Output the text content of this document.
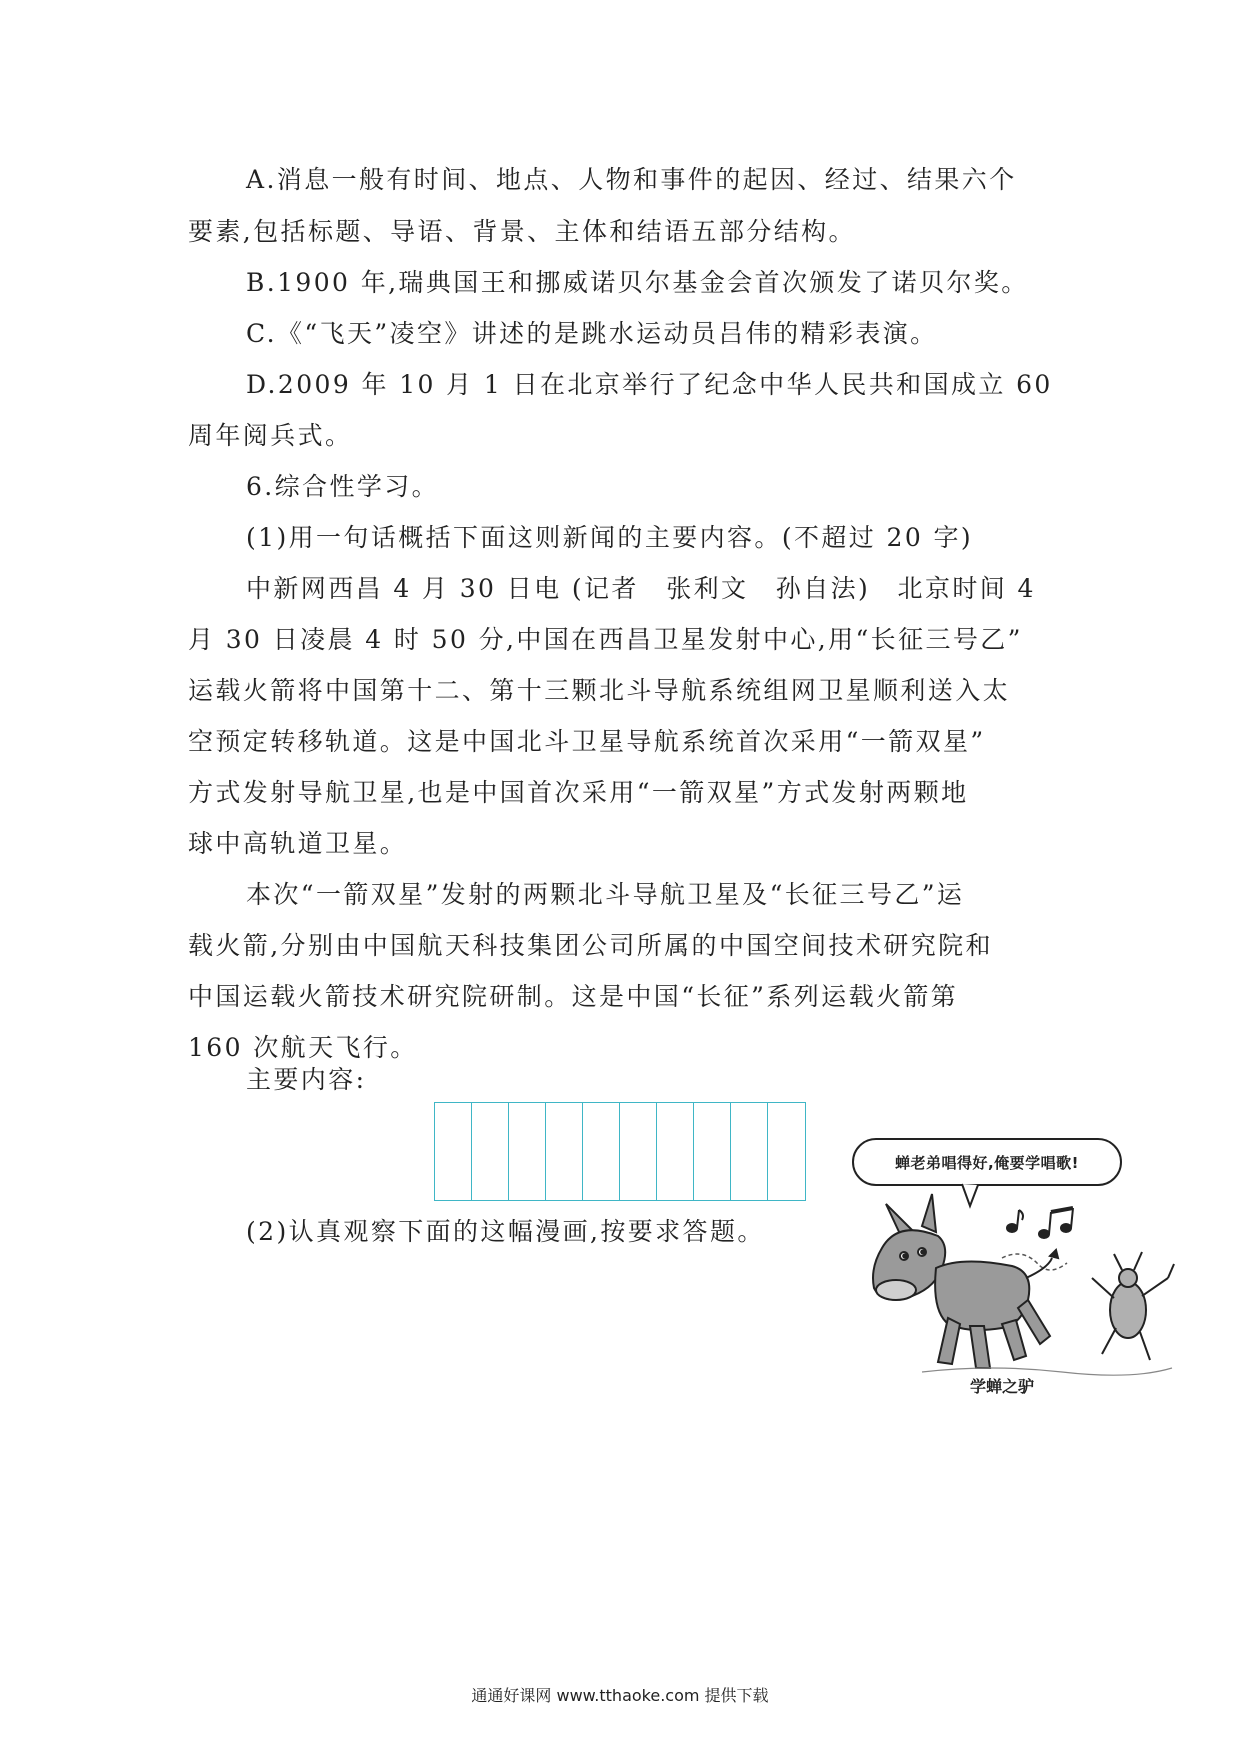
A.消息一般有时间、地点、人物和事件的起因、经过、结果六个
要素,包括标题、导语、背景、主体和结语五部分结构。
B.1900 年,瑞典国王和挪威诺贝尔基金会首次颁发了诺贝尔奖。
C.《“飞天”凌空》讲述的是跳水运动员吕伟的精彩表演。
D.2009 年 10 月 1 日在北京举行了纪念中华人民共和国成立 60
周年阅兵式。
6.综合性学习。
(1)用一句话概括下面这则新闻的主要内容。(不超过 20 字)
中新网西昌 4 月 30 日电 (记者　张利文　孙自法)　北京时间 4
月 30 日凌晨 4 时 50 分,中国在西昌卫星发射中心,用“长征三号乙”
运载火箭将中国第十二、第十三颗北斗导航系统组网卫星顺利送入太
空预定转移轨道。这是中国北斗卫星导航系统首次采用“一箭双星”
方式发射导航卫星,也是中国首次采用“一箭双星”方式发射两颗地
球中高轨道卫星。
本次“一箭双星”发射的两颗北斗导航卫星及“长征三号乙”运
载火箭,分别由中国航天科技集团公司所属的中国空间技术研究院和
中国运载火箭技术研究院研制。这是中国“长征”系列运载火箭第
160 次航天飞行。
主要内容:
(2)认真观察下面的这幅漫画,按要求答题。
蝉老弟唱得好,俺要学唱歌!
学蝉之驴
通通好课网 www.tthaoke.com 提供下载
